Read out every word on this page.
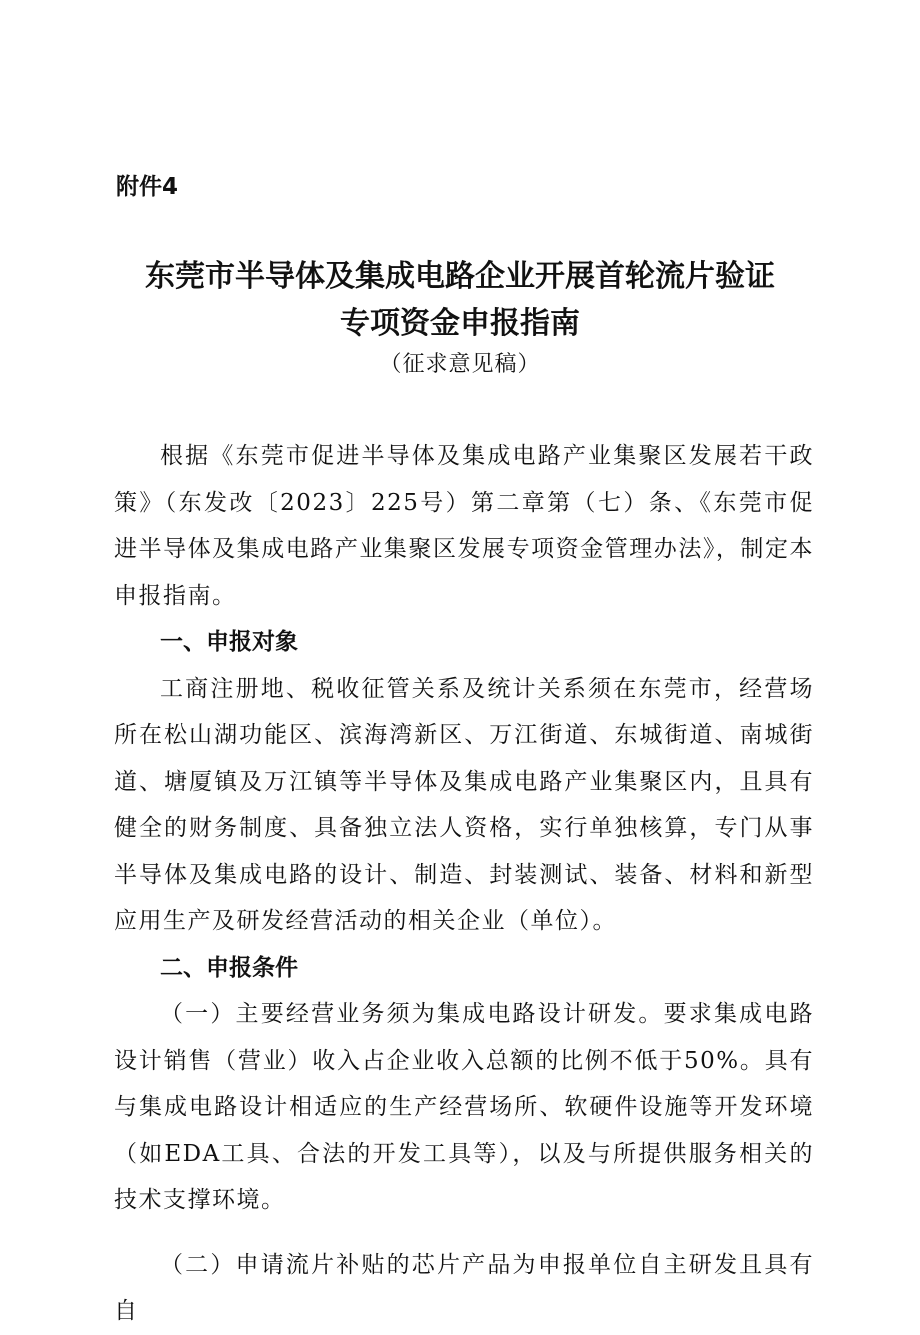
附件4
东莞市半导体及集成电路企业开展首轮流片验证
专项资金申报指南
（征求意见稿）

根据《东莞市促进半导体及集成电路产业集聚区发展若干政策》（东发改〔2023〕225号）第二章第（七）条、《东莞市促进半导体及集成电路产业集聚区发展专项资金管理办法》，制定本申报指南。

一、申报对象

工商注册地、税收征管关系及统计关系须在东莞市，经营场所在松山湖功能区、滨海湾新区、万江街道、东城街道、南城街道、塘厦镇及万江镇等半导体及集成电路产业集聚区内，且具有健全的财务制度、具备独立法人资格，实行单独核算，专门从事半导体及集成电路的设计、制造、封装测试、装备、材料和新型应用生产及研发经营活动的相关企业（单位）。

二、申报条件

（一）主要经营业务须为集成电路设计研发。要求集成电路设计销售（营业）收入占企业收入总额的比例不低于50%。具有与集成电路设计相适应的生产经营场所、软硬件设施等开发环境（如EDA工具、合法的开发工具等），以及与所提供服务相关的技术支撑环境。

（二）申请流片补贴的芯片产品为申报单位自主研发且具有自
